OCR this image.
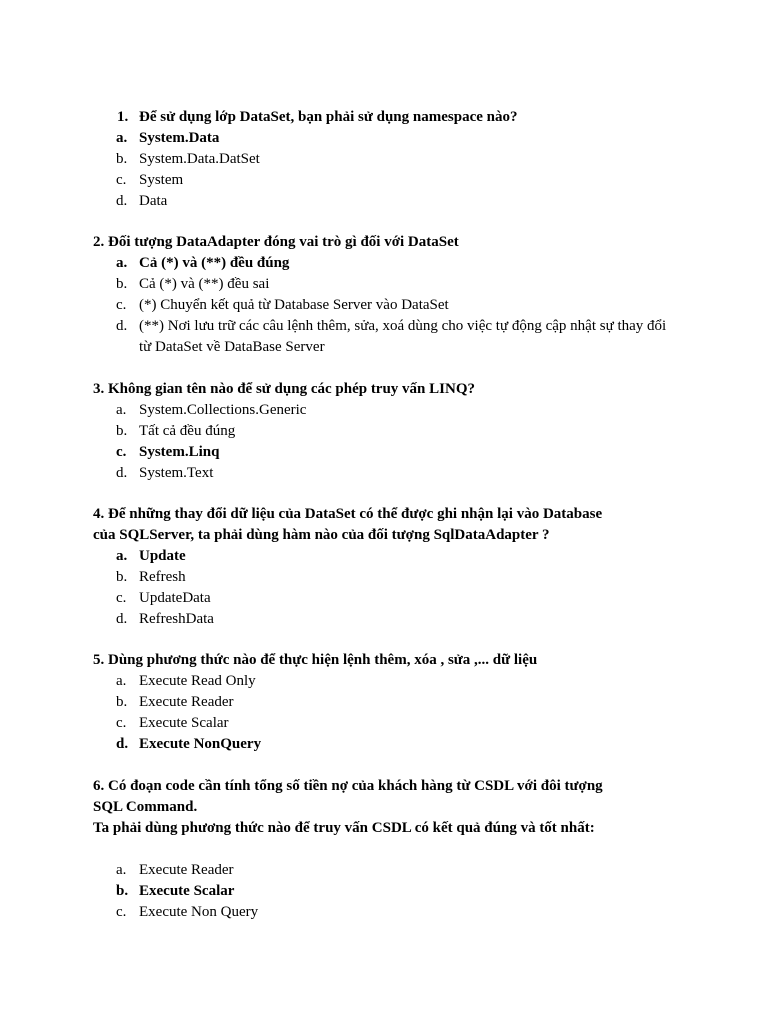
1. Để sử dụng lớp DataSet, bạn phải sử dụng namespace nào?

a. System.Data
b. System.Data.DatSet
c. System
d. Data

2. Đối tượng DataAdapter đóng vai trò gì đối với DataSet

a. Cả (*) và (**) đều đúng
b. Cả (*) và (**) đều sai
c. (*) Chuyển kết quả từ Database Server vào DataSet
d. (**) Nơi lưu trữ các câu lệnh thêm, sửa, xoá dùng cho việc tự động cập nhật sự thay đổi từ DataSet về DataBase Server

3. Không gian tên nào để sử dụng các phép truy vấn LINQ?

a. System.Collections.Generic
b. Tất cả đều đúng
c. System.Linq
d. System.Text

4. Để những thay đổi dữ liệu của DataSet có thể được ghi nhận lại vào Database
của SQLServer, ta phải dùng hàm nào của đối tượng SqlDataAdapter ?

a. Update
b. Refresh
c. UpdateData
d. RefreshData

5. Dùng phương thức nào để thực hiện lệnh thêm, xóa , sửa ,... dữ liệu

a. Execute Read Only
b. Execute Reader
c. Execute Scalar
d. Execute NonQuery

6. Có đoạn code cần tính tổng số tiền nợ của khách hàng từ CSDL với đôi tượng
SQL Command.
Ta phải dùng phương thức nào để truy vấn CSDL có kết quả đúng và tốt nhất:

a. Execute Reader
b. Execute Scalar
c. Execute Non Query
